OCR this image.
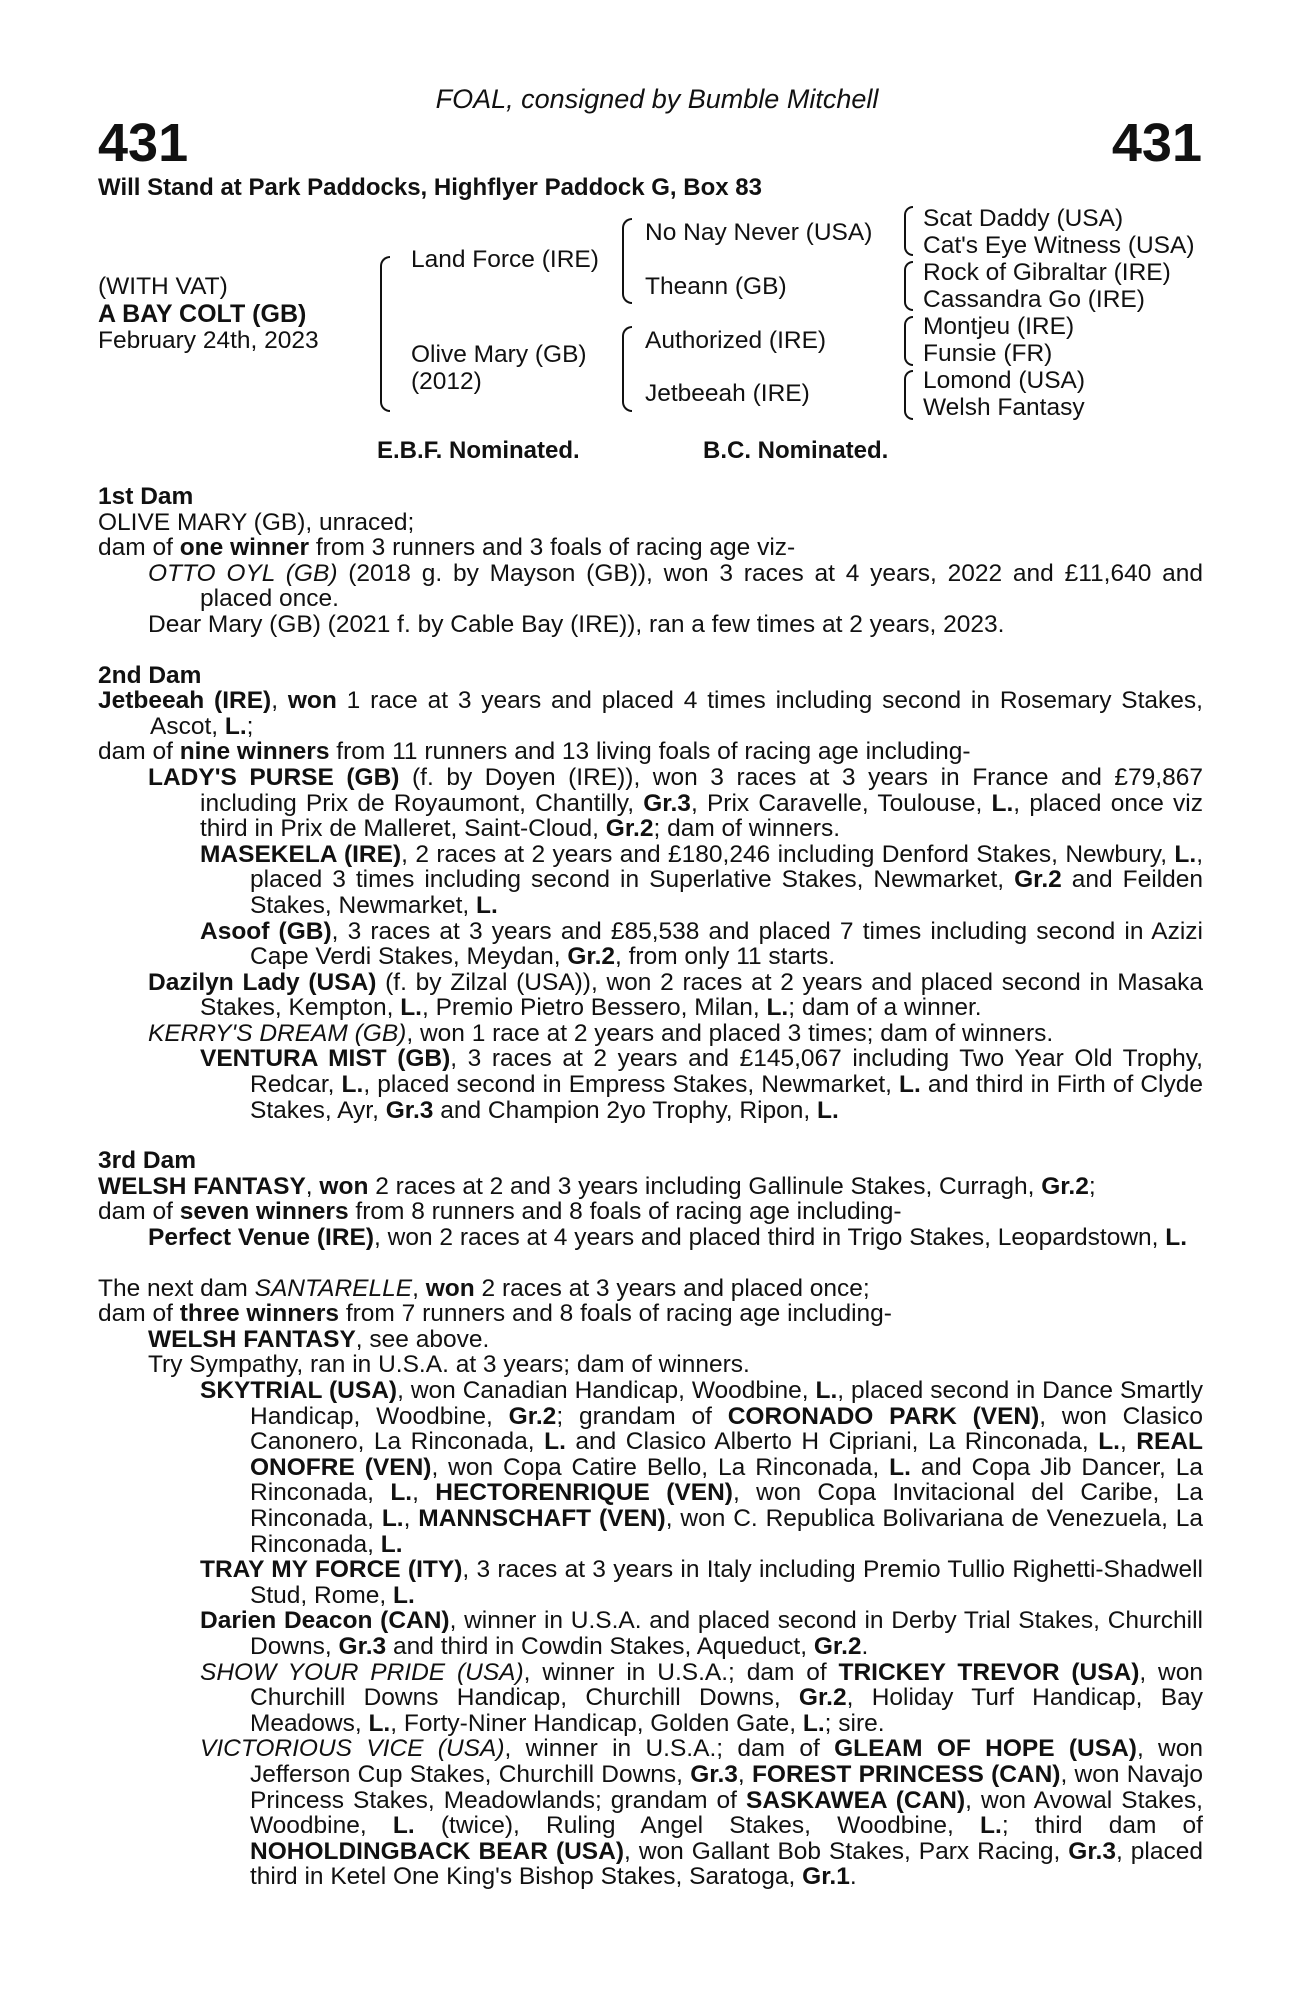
FOAL, consigned by Bumble Mitchell
431	431
Will Stand at Park Paddocks, Highflyer Paddock G, Box 83
(WITH VAT)
A BAY COLT (GB)
February 24th, 2023
Land Force (IRE)
Olive Mary (GB)
(2012)
No Nay Never (USA)
Theann (GB)
Authorized (IRE)
Jetbeeah (IRE)
Scat Daddy (USA)
Cat's Eye Witness (USA)
Rock of Gibraltar (IRE)
Cassandra Go (IRE)
Montjeu (IRE)
Funsie (FR)
Lomond (USA)
Welsh Fantasy
E.B.F. Nominated.	B.C. Nominated.

1st Dam

OLIVE MARY (GB), unraced;

dam of one winner from 3 runners and 3 foals of racing age viz-

OTTO OYL (GB) (2018 g. by Mayson (GB)), won 3 races at 4 years, 2022 and £11,640 and placed once.

Dear Mary (GB) (2021 f. by Cable Bay (IRE)), ran a few times at 2 years, 2023.

2nd Dam

Jetbeeah (IRE), won 1 race at 3 years and placed 4 times including second in Rosemary Stakes, Ascot, L.;

dam of nine winners from 11 runners and 13 living foals of racing age including-

LADY'S PURSE (GB) (f. by Doyen (IRE)), won 3 races at 3 years in France and £79,867 including Prix de Royaumont, Chantilly, Gr.3, Prix Caravelle, Toulouse, L., placed once viz third in Prix de Malleret, Saint-Cloud, Gr.2; dam of winners.

MASEKELA (IRE), 2 races at 2 years and £180,246 including Denford Stakes, Newbury, L., placed 3 times including second in Superlative Stakes, Newmarket, Gr.2 and Feilden Stakes, Newmarket, L.

Asoof (GB), 3 races at 3 years and £85,538 and placed 7 times including second in Azizi Cape Verdi Stakes, Meydan, Gr.2, from only 11 starts.

Dazilyn Lady (USA) (f. by Zilzal (USA)), won 2 races at 2 years and placed second in Masaka Stakes, Kempton, L., Premio Pietro Bessero, Milan, L.; dam of a winner.

KERRY'S DREAM (GB), won 1 race at 2 years and placed 3 times; dam of winners.

VENTURA MIST (GB), 3 races at 2 years and £145,067 including Two Year Old Trophy, Redcar, L., placed second in Empress Stakes, Newmarket, L. and third in Firth of Clyde Stakes, Ayr, Gr.3 and Champion 2yo Trophy, Ripon, L.

3rd Dam

WELSH FANTASY, won 2 races at 2 and 3 years including Gallinule Stakes, Curragh, Gr.2;

dam of seven winners from 8 runners and 8 foals of racing age including-

Perfect Venue (IRE), won 2 races at 4 years and placed third in Trigo Stakes, Leopardstown, L.

The next dam SANTARELLE, won 2 races at 3 years and placed once;

dam of three winners from 7 runners and 8 foals of racing age including-

WELSH FANTASY, see above.

Try Sympathy, ran in U.S.A. at 3 years; dam of winners.

SKYTRIAL (USA), won Canadian Handicap, Woodbine, L., placed second in Dance Smartly Handicap, Woodbine, Gr.2; grandam of CORONADO PARK (VEN), won Clasico Canonero, La Rinconada, L. and Clasico Alberto H Cipriani, La Rinconada, L., REAL ONOFRE (VEN), won Copa Catire Bello, La Rinconada, L. and Copa Jib Dancer, La Rinconada, L., HECTORENRIQUE (VEN), won Copa Invitacional del Caribe, La Rinconada, L., MANNSCHAFT (VEN), won C. Republica Bolivariana de Venezuela, La Rinconada, L.

TRAY MY FORCE (ITY), 3 races at 3 years in Italy including Premio Tullio Righetti-Shadwell Stud, Rome, L.

Darien Deacon (CAN), winner in U.S.A. and placed second in Derby Trial Stakes, Churchill Downs, Gr.3 and third in Cowdin Stakes, Aqueduct, Gr.2.

SHOW YOUR PRIDE (USA), winner in U.S.A.; dam of TRICKEY TREVOR (USA), won Churchill Downs Handicap, Churchill Downs, Gr.2, Holiday Turf Handicap, Bay Meadows, L., Forty-Niner Handicap, Golden Gate, L.; sire.

VICTORIOUS VICE (USA), winner in U.S.A.; dam of GLEAM OF HOPE (USA), won Jefferson Cup Stakes, Churchill Downs, Gr.3, FOREST PRINCESS (CAN), won Navajo Princess Stakes, Meadowlands; grandam of SASKAWEA (CAN), won Avowal Stakes, Woodbine, L. (twice), Ruling Angel Stakes, Woodbine, L.; third dam of NOHOLDINGBACK BEAR (USA), won Gallant Bob Stakes, Parx Racing, Gr.3, placed third in Ketel One King's Bishop Stakes, Saratoga, Gr.1.
